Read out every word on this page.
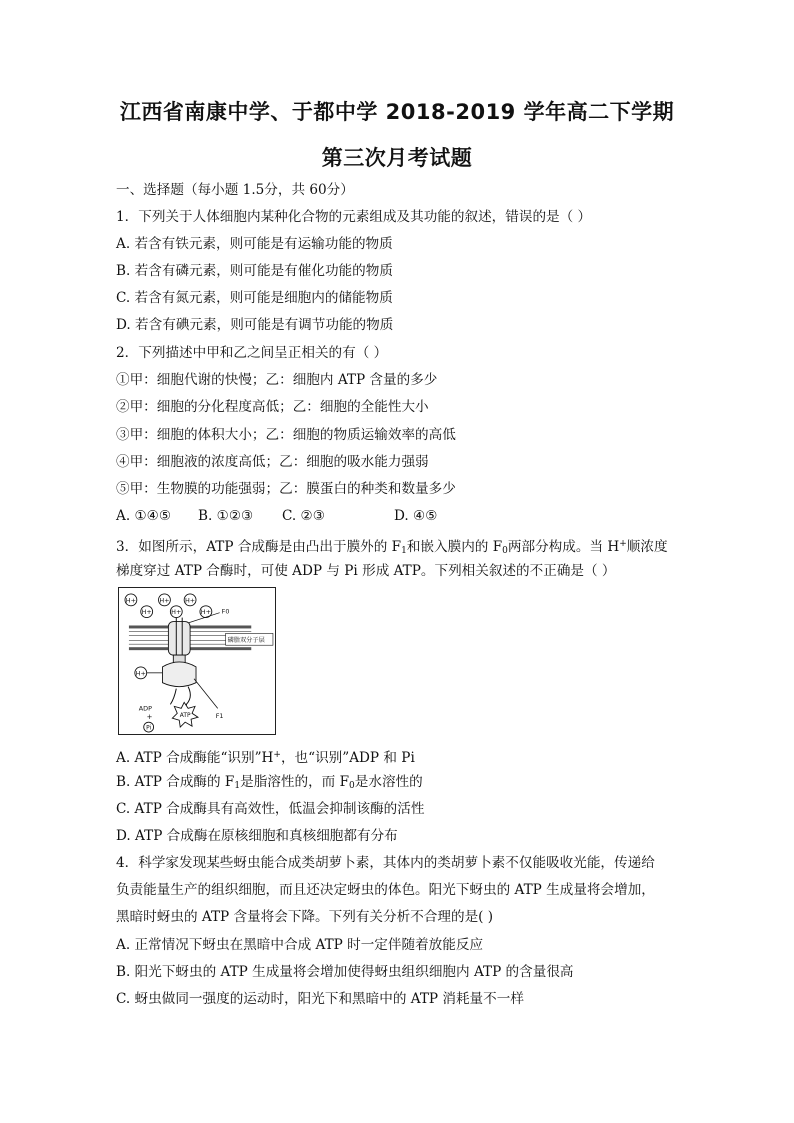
江西省南康中学、于都中学 2018-2019 学年高二下学期
第三次月考试题
一、选择题（每小题 1.5分，共 60分）
1．下列关于人体细胞内某种化合物的元素组成及其功能的叙述，错误的是（ ）
A. 若含有铁元素，则可能是有运输功能的物质
B. 若含有磷元素，则可能是有催化功能的物质
C. 若含有氮元素，则可能是细胞内的储能物质
D. 若含有碘元素，则可能是有调节功能的物质
2．下列描述中甲和乙之间呈正相关的有（ ）
①甲：细胞代谢的快慢；乙：细胞内 ATP 含量的多少
②甲：细胞的分化程度高低；乙：细胞的全能性大小
③甲：细胞的体积大小；乙：细胞的物质运输效率的高低
④甲：细胞液的浓度高低；乙：细胞的吸水能力强弱
⑤甲：生物膜的功能强弱；乙：膜蛋白的种类和数量多少
A. ①④⑤ B. ①②③ C. ②③	D. ④⑤
3．如图所示，ATP 合成酶是由凸出于膜外的 $F_1$和嵌入膜内的 $F_0$两部分构成。当 H+顺浓度
梯度穿过 ATP 合酶时，可使 ADP 与 Pi 形成 ATP。下列相关叙述的不正确是（ ）
H+
H+
H+
H+
H+
H+ F0
磷脂双分子层
H+
F1
ADP
+
Pi
ATP
A. ATP 合成酶能“识别”H+，也“识别”ADP 和 Pi
B. ATP 合成酶的 $F_1$是脂溶性的，而 $F_0$是水溶性的
C. ATP 合成酶具有高效性，低温会抑制该酶的活性
D. ATP 合成酶在原核细胞和真核细胞都有分布
4．科学家发现某些蚜虫能合成类胡萝卜素，其体内的类胡萝卜素不仅能吸收光能，传递给
负责能量生产的组织细胞，而且还决定蚜虫的体色。阳光下蚜虫的 ATP 生成量将会增加，
黑暗时蚜虫的 ATP 含量将会下降。下列有关分析不合理的是( )
A. 正常情况下蚜虫在黑暗中合成 ATP 时一定伴随着放能反应
B. 阳光下蚜虫的 ATP 生成量将会增加使得蚜虫组织细胞内 ATP 的含量很高
C. 蚜虫做同一强度的运动时，阳光下和黑暗中的 ATP 消耗量不一样
